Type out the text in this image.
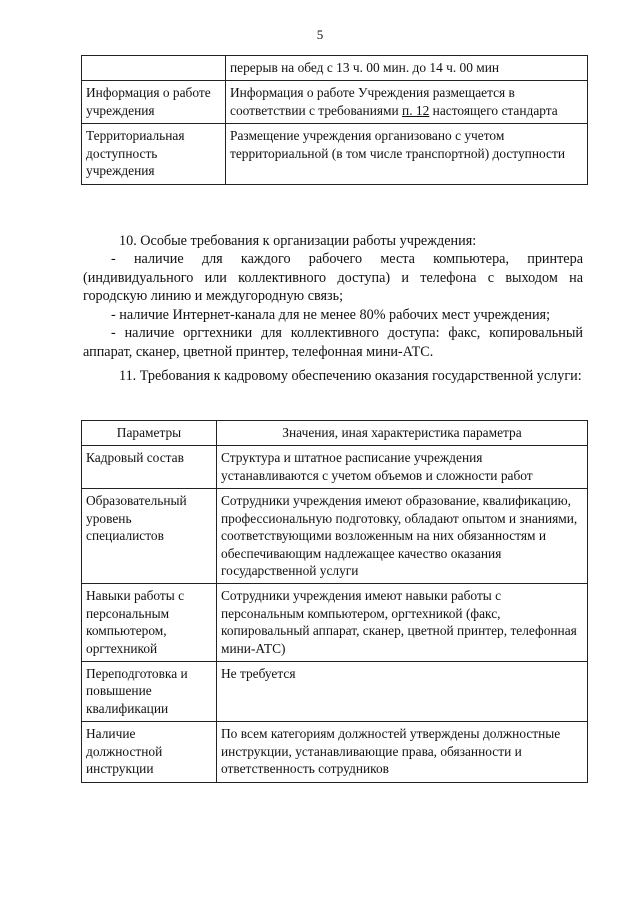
5
	перерыв на обед с 13 ч. 00 мин. до 14 ч. 00 мин
Информация о работе учреждения	Информация о работе Учреждения размещается в соответствии с требованиями п. 12 настоящего стандарта
Территориальная доступность учреждения	Размещение учреждения организовано с учетом территориальной (в том числе транспортной) доступности

10. Особые требования к организации работы учреждения:

- наличие для каждого рабочего места компьютера, принтера (индивидуального или коллективного доступа) и телефона с выходом на городскую линию и междугородную связь;

- наличие Интернет-канала для не менее 80% рабочих мест учреждения;

- наличие оргтехники для коллективного доступа: факс, копировальный аппарат, сканер, цветной принтер, телефонная мини-АТС.

11. Требования к кадровому обеспечению оказания государственной услуги:

Параметры	Значения, иная характеристика параметра
Кадровый состав	Структура и штатное расписание учреждения устанавливаются с учетом объемов и сложности работ
Образовательный уровень специалистов	Сотрудники учреждения имеют образование, квалификацию, профессиональную подготовку, обладают опытом и знаниями, соответствующими возложенным на них обязанностям и обеспечивающим надлежащее качество оказания государственной услуги
Навыки работы с персональным компьютером, оргтехникой	Сотрудники учреждения имеют навыки работы с персональным компьютером, оргтехникой (факс, копировальный аппарат, сканер, цветной принтер, телефонная мини-АТС)
Переподготовка и повышение квалификации	Не требуется
Наличие должностной инструкции	По всем категориям должностей утверждены должностные инструкции, устанавливающие права, обязанности и ответственность сотрудников
